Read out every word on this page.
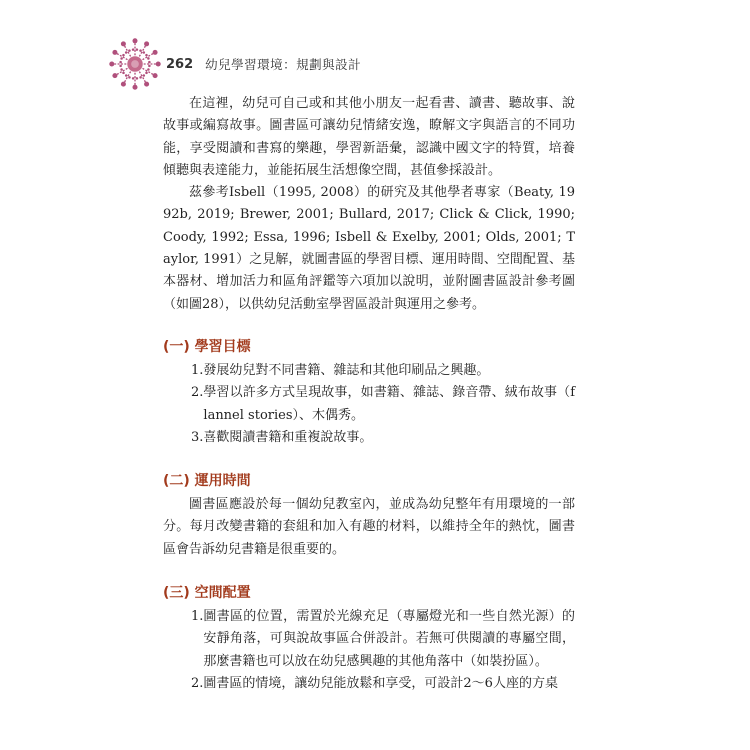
262 幼兒學習環境：規劃與設計

在這裡，幼兒可自己或和其他小朋友一起看書、讀書、聽故事、說故事或編寫故事。圖書區可讓幼兒情緒安逸，瞭解文字與語言的不同功能，享受閱讀和書寫的樂趣，學習新語彙，認識中國文字的特質，培養傾聽與表達能力，並能拓展生活想像空間，甚值參採設計。

茲參考Isbell（1995, 2008）的研究及其他學者專家（Beaty, 1992b, 2019; Brewer, 2001; Bullard, 2017; Click & Click, 1990; Coody, 1992; Essa, 1996; Isbell & Exelby, 2001; Olds, 2001; Taylor, 1991）之見解，就圖書區的學習目標、運用時間、空間配置、基本器材、增加活力和區角評鑑等六項加以說明，並附圖書區設計參考圖（如圖28），以供幼兒活動室學習區設計與運用之參考。

(一) 學習目標
1. 發展幼兒對不同書籍、雜誌和其他印刷品之興趣。
2. 學習以許多方式呈現故事，如書籍、雜誌、錄音帶、絨布故事（flannel stories）、木偶秀。
3. 喜歡閱讀書籍和重複說故事。
(二) 運用時間

圖書區應設於每一個幼兒教室內，並成為幼兒整年有用環境的一部分。每月改變書籍的套組和加入有趣的材料，以維持全年的熱忱，圖書區會告訴幼兒書籍是很重要的。

(三) 空間配置
1. 圖書區的位置，需置於光線充足（專屬燈光和一些自然光源）的安靜角落，可與說故事區合併設計。若無可供閱讀的專屬空間，那麼書籍也可以放在幼兒感興趣的其他角落中（如裝扮區）。
2. 圖書區的情境，讓幼兒能放鬆和享受，可設計2～6人座的方桌
